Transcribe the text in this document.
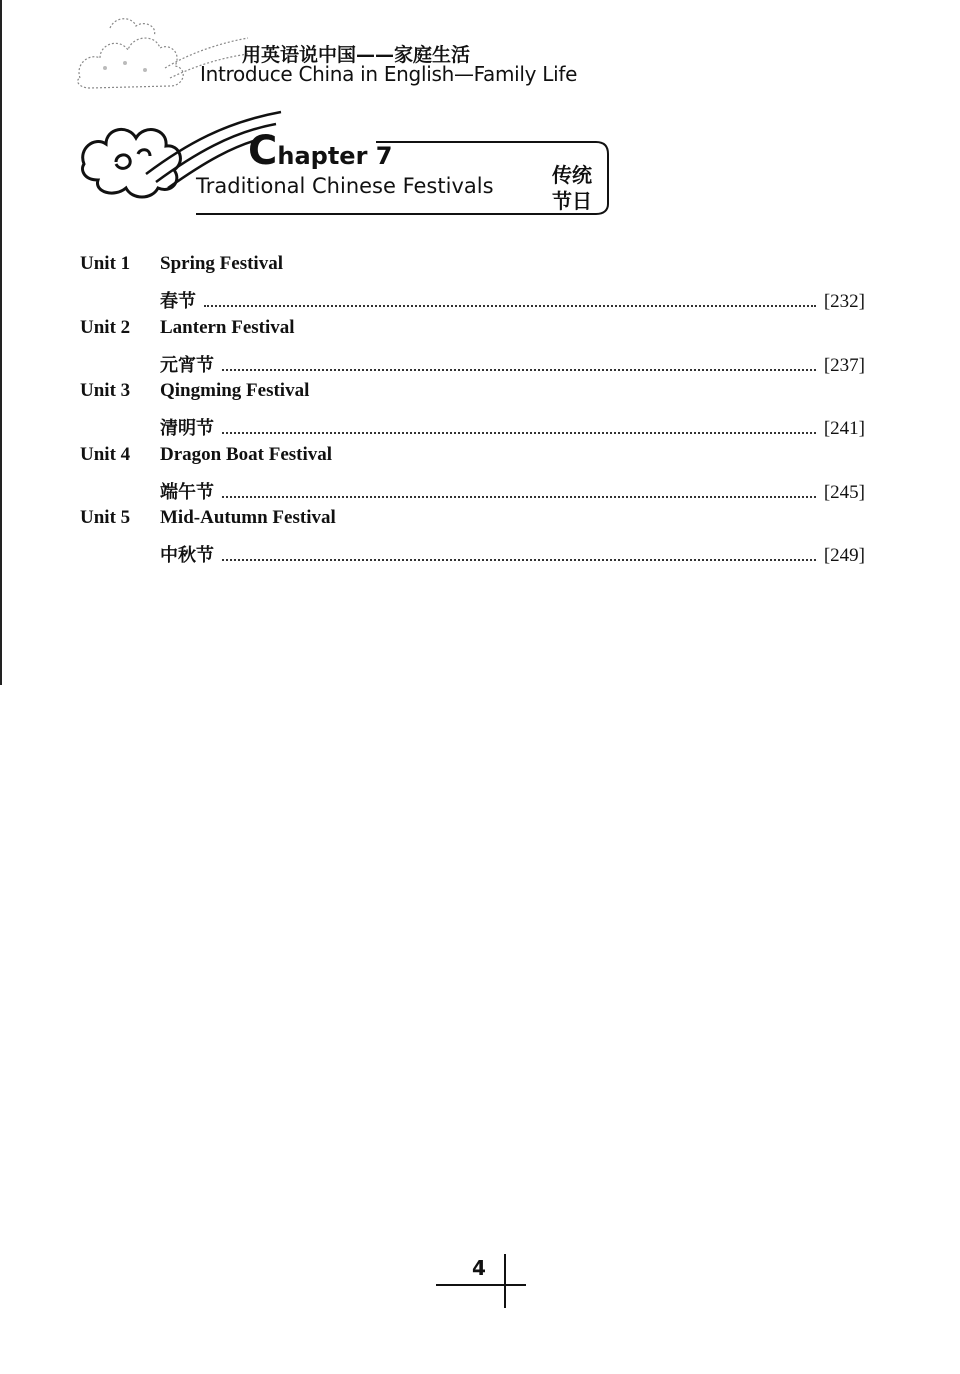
用英语说中国——家庭生活
Introduce China in English—Family Life
Chapter 7
Traditional Chinese Festivals	传统
节日
Unit 1 Spring Festival
春节	[232]
Unit 2 Lantern Festival
元宵节	[237]
Unit 3 Qingming Festival
清明节	[241]
Unit 4 Dragon Boat Festival
端午节	[245]
Unit 5 Mid-Autumn Festival
中秋节	[249]
4
